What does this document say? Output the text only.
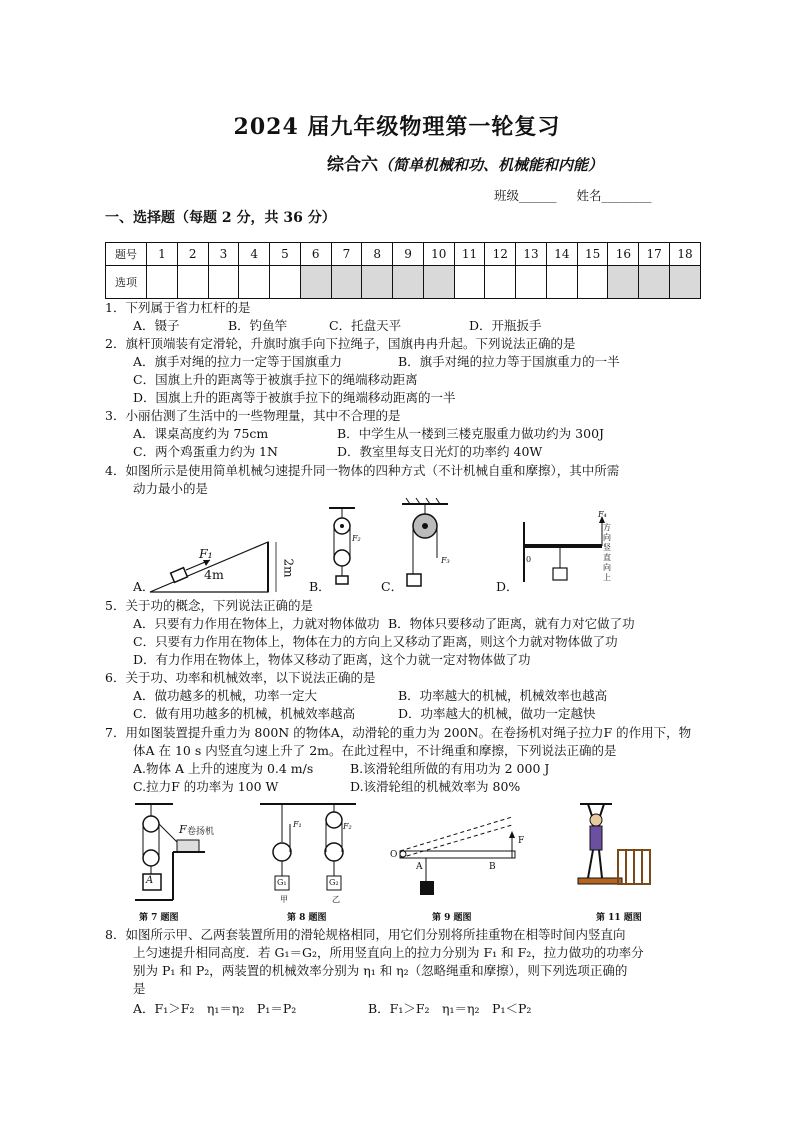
2024 届九年级物理第一轮复习
综合六（简单机械和功、机械能和内能）
班级______ 姓名________
一、选择题（每题 2 分，共 36 分）
题号	1	2	3	4	5	6	7	8	9	10	11	12	13	14	15	16	17	18
选项																		
1．下列属于省力杠杆的是
A．镊子	B．钓鱼竿	C．托盘天平	D．开瓶扳手
2．旗杆顶端装有定滑轮，升旗时旗手向下拉绳子，国旗冉冉升起。下列说法正确的是
A．旗手对绳的拉力一定等于国旗重力	B．旗手对绳的拉力等于国旗重力的一半
C．国旗上升的距离等于被旗手拉下的绳端移动距离
D．国旗上升的距离等于被旗手拉下的绳端移动距离的一半
3．小丽估测了生活中的一些物理量，其中不合理的是
A．课桌高度约为 75cm	B．中学生从一楼到三楼克服重力做功约为 300J
C．两个鸡蛋重力约为 1N	D．教室里每支日光灯的功率约 40W
4．如图所示是使用简单机械匀速提升同一物体的四种方式（不计机械自重和摩擦），其中所需
动力最小的是
A．
F₁
4m	2m
B．
F₂
C．
F₃
D．
0
F₄
方向竖直向上
5．关于功的概念，下列说法正确的是
A．只要有力作用在物体上，力就对物体做功 B．物体只要移动了距离，就有力对它做了功
C．只要有力作用在物体上，物体在力的方向上又移动了距离，则这个力就对物体做了功
D．有力作用在物体上，物体又移动了距离，这个力就一定对物体做了功
6．关于功、功率和机械效率，以下说法正确的是
A．做功越多的机械，功率一定大	B．功率越大的机械，机械效率也越高
C．做有用功越多的机械，机械效率越高	D．功率越大的机械，做功一定越快
7．用如图装置提升重力为 800N 的物体A，动滑轮的重力为 200N。在卷扬机对绳子拉力F 的作用下，物
体A 在 10 s 内竖直匀速上升了 2m。在此过程中，不计绳重和摩擦，下列说法正确的是
A.物体 A 上升的速度为 0.4 m/s	B.该滑轮组所做的有用功为 2 000 J
C.拉力F 的功率为 100 W	D.该滑轮组的机械效率为 80%
F 卷扬机
A
第 7 题图
F₁	F₂
G₁	G₂
甲	乙
第 8 题图
O
A	B
F
第 9 题图	第 11 题图
8．如图所示甲、乙两套装置所用的滑轮规格相同，用它们分别将所挂重物在相等时间内竖直向
上匀速提升相同高度．若 G₁＝G₂，所用竖直向上的拉力分别为 F₁ 和 F₂，拉力做功的功率分
别为 P₁ 和 P₂，两装置的机械效率分别为 η₁ 和 η₂（忽略绳重和摩擦），则下列选项正确的
是
A．F₁＞F₂　η₁＝η₂　P₁＝P₂	B．F₁＞F₂　η₁＝η₂　P₁＜P₂
